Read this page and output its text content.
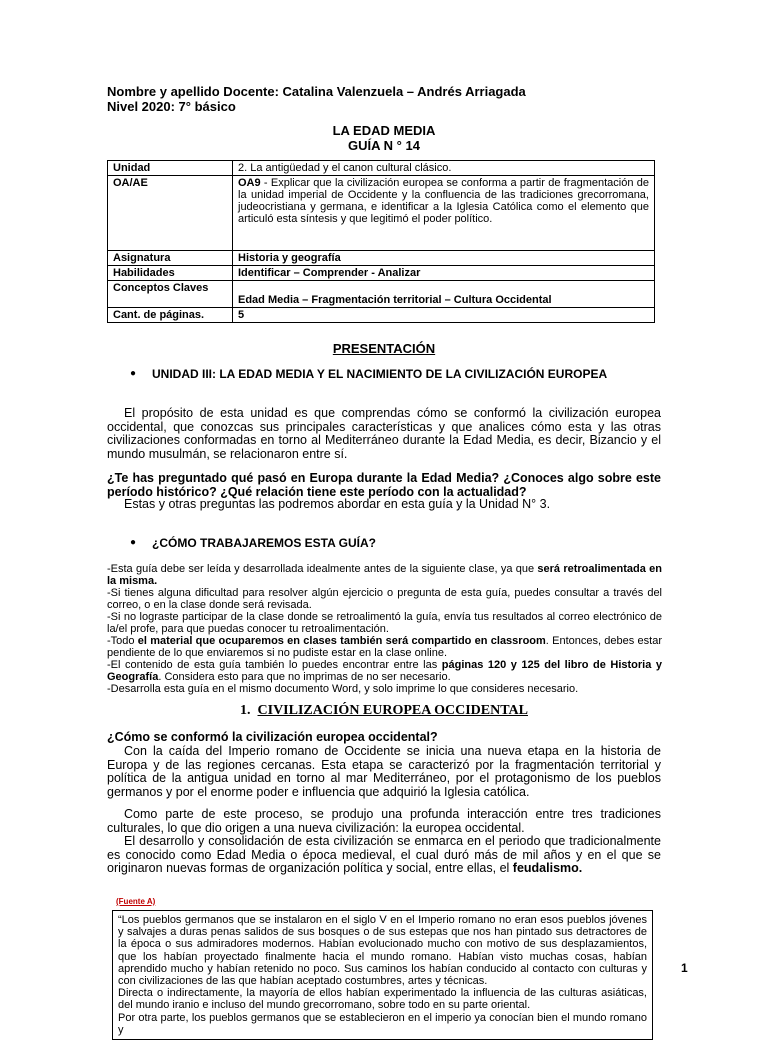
Nombre y apellido Docente: Catalina Valenzuela – Andrés Arriagada
Nivel 2020: 7° básico
LA EDAD MEDIA
GUÍA N ° 14
Unidad	2. La antigüedad y el canon cultural clásico.
OA/AE	OA9 - Explicar que la civilización europea se conforma a partir de fragmentación de la unidad imperial de Occidente y la confluencia de las tradiciones grecorromana, judeocristiana y germana, e identificar a la Iglesia Católica como el elemento que articuló esta síntesis y que legitimó el poder político.
Asignatura	Historia y geografía
Habilidades	Identificar – Comprender - Analizar
Conceptos Claves	Edad Media – Fragmentación territorial – Cultura Occidental
Cant. de páginas.	5
PRESENTACIÓN
● UNIDAD III: LA EDAD MEDIA Y EL NACIMIENTO DE LA CIVILIZACIÓN EUROPEA
El propósito de esta unidad es que comprendas cómo se conformó la civilización europea occidental, que conozcas sus principales características y que analices cómo esta y las otras civilizaciones conformadas en torno al Mediterráneo durante la Edad Media, es decir, Bizancio y el mundo musulmán, se relacionaron entre sí.
¿Te has preguntado qué pasó en Europa durante la Edad Media? ¿Conoces algo sobre este período histórico? ¿Qué relación tiene este período con la actualidad?
Estas y otras preguntas las podremos abordar en esta guía y la Unidad N° 3.
● ¿CÓMO TRABAJAREMOS ESTA GUÍA?
-Esta guía debe ser leída y desarrollada idealmente antes de la siguiente clase, ya que será retroalimentada en la misma.
-Si tienes alguna dificultad para resolver algún ejercicio o pregunta de esta guía, puedes consultar a través del correo, o en la clase donde será revisada.
-Si no lograste participar de la clase donde se retroalimentó la guía, envía tus resultados al correo electrónico de la/el profe, para que puedas conocer tu retroalimentación.
-Todo el material que ocuparemos en clases también será compartido en classroom. Entonces, debes estar pendiente de lo que enviaremos si no pudiste estar en la clase online.
-El contenido de esta guía también lo puedes encontrar entre las páginas 120 y 125 del libro de Historia y Geografía. Considera esto para que no imprimas de no ser necesario.
-Desarrolla esta guía en el mismo documento Word, y solo imprime lo que consideres necesario.
1. CIVILIZACIÓN EUROPEA OCCIDENTAL
¿Cómo se conformó la civilización europea occidental?
Con la caída del Imperio romano de Occidente se inicia una nueva etapa en la historia de Europa y de las regiones cercanas. Esta etapa se caracterizó por la fragmentación territorial y política de la antigua unidad en torno al mar Mediterráneo, por el protagonismo de los pueblos germanos y por el enorme poder e influencia que adquirió la Iglesia católica.
Como parte de este proceso, se produjo una profunda interacción entre tres tradiciones culturales, lo que dio origen a una nueva civilización: la europea occidental.
El desarrollo y consolidación de esta civilización se enmarca en el periodo que tradicionalmente es conocido como Edad Media o época medieval, el cual duró más de mil años y en el que se originaron nuevas formas de organización política y social, entre ellas, el feudalismo.
(Fuente A)
“Los pueblos germanos que se instalaron en el siglo V en el Imperio romano no eran esos pueblos jóvenes y salvajes a duras penas salidos de sus bosques o de sus estepas que nos han pintado sus detractores de la época o sus admiradores modernos. Habían evolucionado mucho con motivo de sus desplazamientos, que los habían proyectado finalmente hacia el mundo romano. Habían visto muchas cosas, habían aprendido mucho y habían retenido no poco. Sus caminos los habían conducido al contacto con culturas y con civilizaciones de las que habían aceptado costumbres, artes y técnicas.
Directa o indirectamente, la mayoría de ellos habían experimentado la influencia de las culturas asiáticas, del mundo iranio e incluso del mundo grecorromano, sobre todo en su parte oriental.
Por otra parte, los pueblos germanos que se establecieron en el imperio ya conocían bien el mundo romano y
1
